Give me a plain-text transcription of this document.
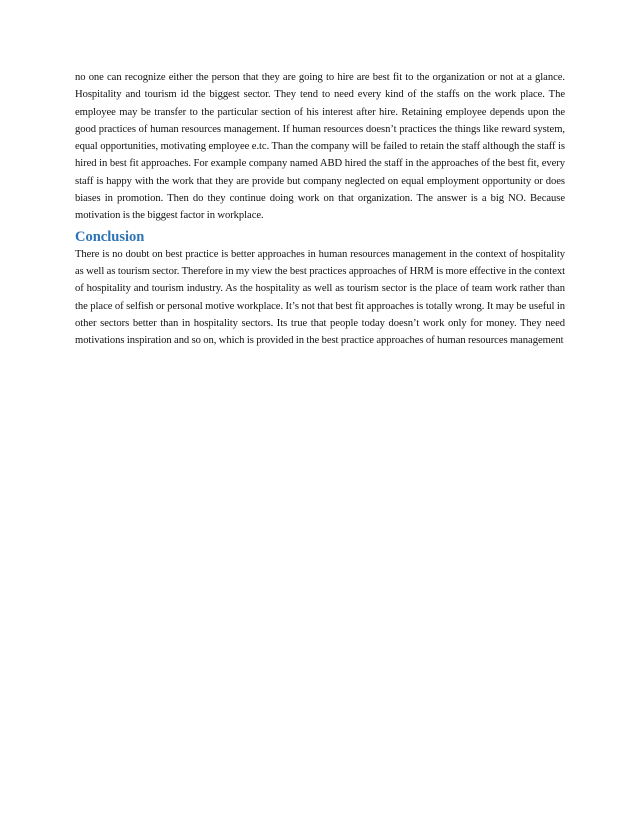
no one can recognize either the person that they are going to hire are best fit to the organization or not at a glance. Hospitality and tourism id the biggest sector. They tend to need every kind of the staffs on the work place. The employee may be transfer to the particular section of his interest after hire. Retaining employee depends upon the good practices of human resources management. If human resources doesn’t practices the things like reward system, equal opportunities, motivating employee e.tc. Than the company will be failed to retain the staff although the staff is hired in best fit approaches. For example company named ABD hired the staff in the approaches of the best fit, every staff is happy with the work that they are provide but company neglected on equal employment opportunity or does biases in promotion. Then do they continue doing work on that organization. The answer is a big NO. Because motivation is the biggest factor in workplace.

Conclusion

There is no doubt on best practice is better approaches in human resources management in the context of hospitality as well as tourism sector. Therefore in my view the best practices approaches of HRM is more effective in the context of hospitality and tourism industry. As the hospitality as well as tourism sector is the place of team work rather than the place of selfish or personal motive workplace. It’s not that best fit approaches is totally wrong. It may be useful in other sectors better than in hospitality sectors. Its true that people today doesn’t work only for money. They need motivations inspiration and so on, which is provided in the best practice approaches of human resources management
